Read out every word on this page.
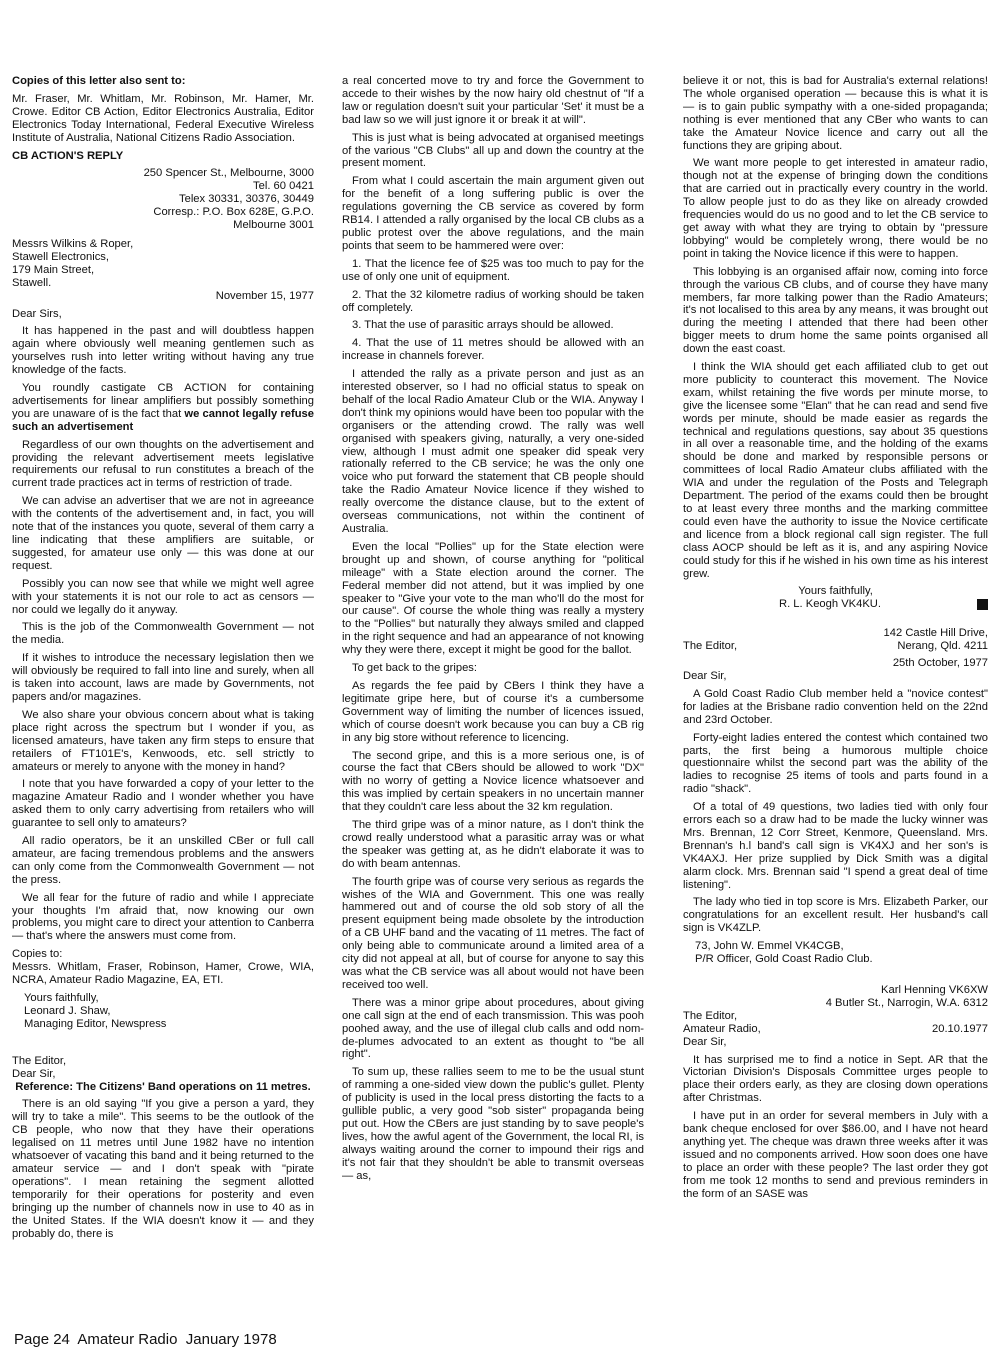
Copies of this letter also sent to:

Mr. Fraser, Mr. Whitlam, Mr. Robinson, Mr. Hamer, Mr. Crowe. Editor CB Action, Editor Electronics Australia, Editor Electronics Today International, Federal Executive Wireless Institute of Australia, National Citizens Radio Association.

CB ACTION'S REPLY

250 Spencer St., Melbourne, 3000

Tel. 60 0421

Telex 30331, 30376, 30449

Corresp.: P.O. Box 628E, G.P.O.

Melbourne 3001

Messrs Wilkins & Roper,

Stawell Electronics,

179 Main Street,

Stawell.

November 15, 1977

Dear Sirs,

It has happened in the past and will doubtless happen again where obviously well meaning gentlemen such as yourselves rush into letter writing without having any true knowledge of the facts.

You roundly castigate CB ACTION for containing advertisements for linear amplifiers but possibly something you are unaware of is the fact that we cannot legally refuse such an advertisement

Regardless of our own thoughts on the advertisement and providing the relevant advertisement meets legislative requirements our refusal to run constitutes a breach of the current trade practices act in terms of restriction of trade.

We can advise an advertiser that we are not in agreeance with the contents of the advertisement and, in fact, you will note that of the instances you quote, several of them carry a line indicating that these amplifiers are suitable, or suggested, for amateur use only — this was done at our request.

Possibly you can now see that while we might well agree with your statements it is not our role to act as censors — nor could we legally do it anyway.

This is the job of the Commonwealth Government — not the media.

If it wishes to introduce the necessary legislation then we will obviously be required to fall into line and surely, when all is taken into account, laws are made by Governments, not papers and/or magazines.

We also share your obvious concern about what is taking place right across the spectrum but I wonder if you, as licensed amateurs, have taken any firm steps to ensure that retailers of FT101E's, Kenwoods, etc. sell strictly to amateurs or merely to anyone with the money in hand?

I note that you have forwarded a copy of your letter to the magazine Amateur Radio and I wonder whether you have asked them to only carry advertising from retailers who will guarantee to sell only to amateurs?

All radio operators, be it an unskilled CBer or full call amateur, are facing tremendous problems and the answers can only come from the Commonwealth Government — not the press.

We all fear for the future of radio and while I appreciate your thoughts I'm afraid that, now knowing our own problems, you might care to direct your attention to Canberra — that's where the answers must come from.

Copies to:

Messrs. Whitlam, Fraser, Robinson, Hamer, Crowe, WIA, NCRA, Amateur Radio Magazine, EA, ETI.

Yours faithfully,

Leonard J. Shaw,

Managing Editor, Newspress

The Editor,

Dear Sir,

Reference: The Citizens' Band operations on 11 metres.

There is an old saying "If you give a person a yard, they will try to take a mile". This seems to be the outlook of the CB people, who now that they have their operations legalised on 11 metres until June 1982 have no intention whatsoever of vacating this band and it being returned to the amateur service — and I don't speak with "pirate operations". I mean retaining the segment allotted temporarily for their operations for posterity and even bringing up the number of channels now in use to 40 as in the United States. If the WIA doesn't know it — and they probably do, there is

a real concerted move to try and force the Government to accede to their wishes by the now hairy old chestnut of "If a law or regulation doesn't suit your particular 'Set' it must be a bad law so we will just ignore it or break it at will".

This is just what is being advocated at organised meetings of the various "CB Clubs" all up and down the country at the present moment.

From what I could ascertain the main argument given out for the benefit of a long suffering public is over the regulations governing the CB service as covered by form RB14. I attended a rally organised by the local CB clubs as a public protest over the above regulations, and the main points that seem to be hammered were over:

1. That the licence fee of $25 was too much to pay for the use of only one unit of equipment.

2. That the 32 kilometre radius of working should be taken off completely.

3. That the use of parasitic arrays should be allowed.

4. That the use of 11 metres should be allowed with an increase in channels forever.

I attended the rally as a private person and just as an interested observer, so I had no official status to speak on behalf of the local Radio Amateur Club or the WIA. Anyway I don't think my opinions would have been too popular with the organisers or the attending crowd. The rally was well organised with speakers giving, naturally, a very one-sided view, although I must admit one speaker did speak very rationally referred to the CB service; he was the only one voice who put forward the statement that CB people should take the Radio Amateur Novice licence if they wished to really overcome the distance clause, but to the extent of overseas communications, not within the continent of Australia.

Even the local "Pollies" up for the State election were brought up and shown, of course anything for "political mileage" with a State election around the corner. The Federal member did not attend, but it was implied by one speaker to "Give your vote to the man who'll do the most for our cause". Of course the whole thing was really a mystery to the "Pollies" but naturally they always smiled and clapped in the right sequence and had an appearance of not knowing why they were there, except it might be good for the ballot.

To get back to the gripes:

As regards the fee paid by CBers I think they have a legitimate gripe here, but of course it's a cumbersome Government way of limiting the number of licences issued, which of course doesn't work because you can buy a CB rig in any big store without reference to licencing.

The second gripe, and this is a more serious one, is of course the fact that CBers should be allowed to work "DX" with no worry of getting a Novice licence whatsoever and this was implied by certain speakers in no uncertain manner that they couldn't care less about the 32 km regulation.

The third gripe was of a minor nature, as I don't think the crowd really understood what a parasitic array was or what the speaker was getting at, as he didn't elaborate it was to do with beam antennas.

The fourth gripe was of course very serious as regards the wishes of the WIA and Government. This one was really hammered out and of course the old sob story of all the present equipment being made obsolete by the introduction of a CB UHF band and the vacating of 11 metres. The fact of only being able to communicate around a limited area of a city did not appeal at all, but of course for anyone to say this was what the CB service was all about would not have been received too well.

There was a minor gripe about procedures, about giving one call sign at the end of each transmission. This was pooh poohed away, and the use of illegal club calls and odd nom-de-plumes advocated to an extent as thought to "be all right".

To sum up, these rallies seem to me to be the usual stunt of ramming a one-sided view down the public's gullet. Plenty of publicity is used in the local press distorting the facts to a gullible public, a very good "sob sister" propaganda being put out. How the CBers are just standing by to save people's lives, how the awful agent of the Government, the local RI, is always waiting around the corner to impound their rigs and it's not fair that they shouldn't be able to transmit overseas — as,

believe it or not, this is bad for Australia's external relations! The whole organised operation — because this is what it is — is to gain public sympathy with a one-sided propaganda; nothing is ever mentioned that any CBer who wants to can take the Amateur Novice licence and carry out all the functions they are griping about.

We want more people to get interested in amateur radio, though not at the expense of bringing down the conditions that are carried out in practically every country in the world. To allow people just to do as they like on already crowded frequencies would do us no good and to let the CB service to get away with what they are trying to obtain by "pressure lobbying" would be completely wrong, there would be no point in taking the Novice licence if this were to happen.

This lobbying is an organised affair now, coming into force through the various CB clubs, and of course they have many members, far more talking power than the Radio Amateurs; it's not localised to this area by any means, it was brought out during the meeting I attended that there had been other bigger meets to drum home the same points organised all down the east coast.

I think the WIA should get each affiliated club to get out more publicity to counteract this movement. The Novice exam, whilst retaining the five words per minute morse, to give the licensee some "Elan" that he can read and send five words per minute, should be made easier as regards the technical and regulations questions, say about 35 questions in all over a reasonable time, and the holding of the exams should be done and marked by responsible persons or committees of local Radio Amateur clubs affiliated with the WIA and under the regulation of the Posts and Telegraph Department. The period of the exams could then be brought to at least every three months and the marking committee could even have the authority to issue the Novice certificate and licence from a block regional call sign register. The full class AOCP should be left as it is, and any aspiring Novice could study for this if he wished in his own time as his interest grew.

Yours faithfully,

R. L. Keogh VK4KU.

142 Castle Hill Drive,

The Editor,	Nerang, Qld. 4211

25th October, 1977

Dear Sir,

A Gold Coast Radio Club member held a "novice contest" for ladies at the Brisbane radio convention held on the 22nd and 23rd October.

Forty-eight ladies entered the contest which contained two parts, the first being a humorous multiple choice questionnaire whilst the second part was the ability of the ladies to recognise 25 items of tools and parts found in a radio "shack".

Of a total of 49 questions, two ladies tied with only four errors each so a draw had to be made the lucky winner was Mrs. Brennan, 12 Corr Street, Kenmore, Queensland. Mrs. Brennan's h.l band's call sign is VK4XJ and her son's is VK4AXJ. Her prize supplied by Dick Smith was a digital alarm clock. Mrs. Brennan said "I spend a great deal of time listening".

The lady who tied in top score is Mrs. Elizabeth Parker, our congratulations for an excellent result. Her husband's call sign is VK4ZLP.

73, John W. Emmel VK4CGB,

P/R Officer, Gold Coast Radio Club.

Karl Henning VK6XW

4 Butler St., Narrogin, W.A. 6312

The Editor,

Amateur Radio,	20.10.1977

Dear Sir,

It has surprised me to find a notice in Sept. AR that the Victorian Division's Disposals Committee urges people to place their orders early, as they are closing down operations after Christmas.

I have put in an order for several members in July with a bank cheque enclosed for over $86.00, and I have not heard anything yet. The cheque was drawn three weeks after it was issued and no components arrived. How soon does one have to place an order with these people? The last order they got from me took 12 months to send and previous reminders in the form of an SASE was

Page 24  Amateur Radio  January 1978
